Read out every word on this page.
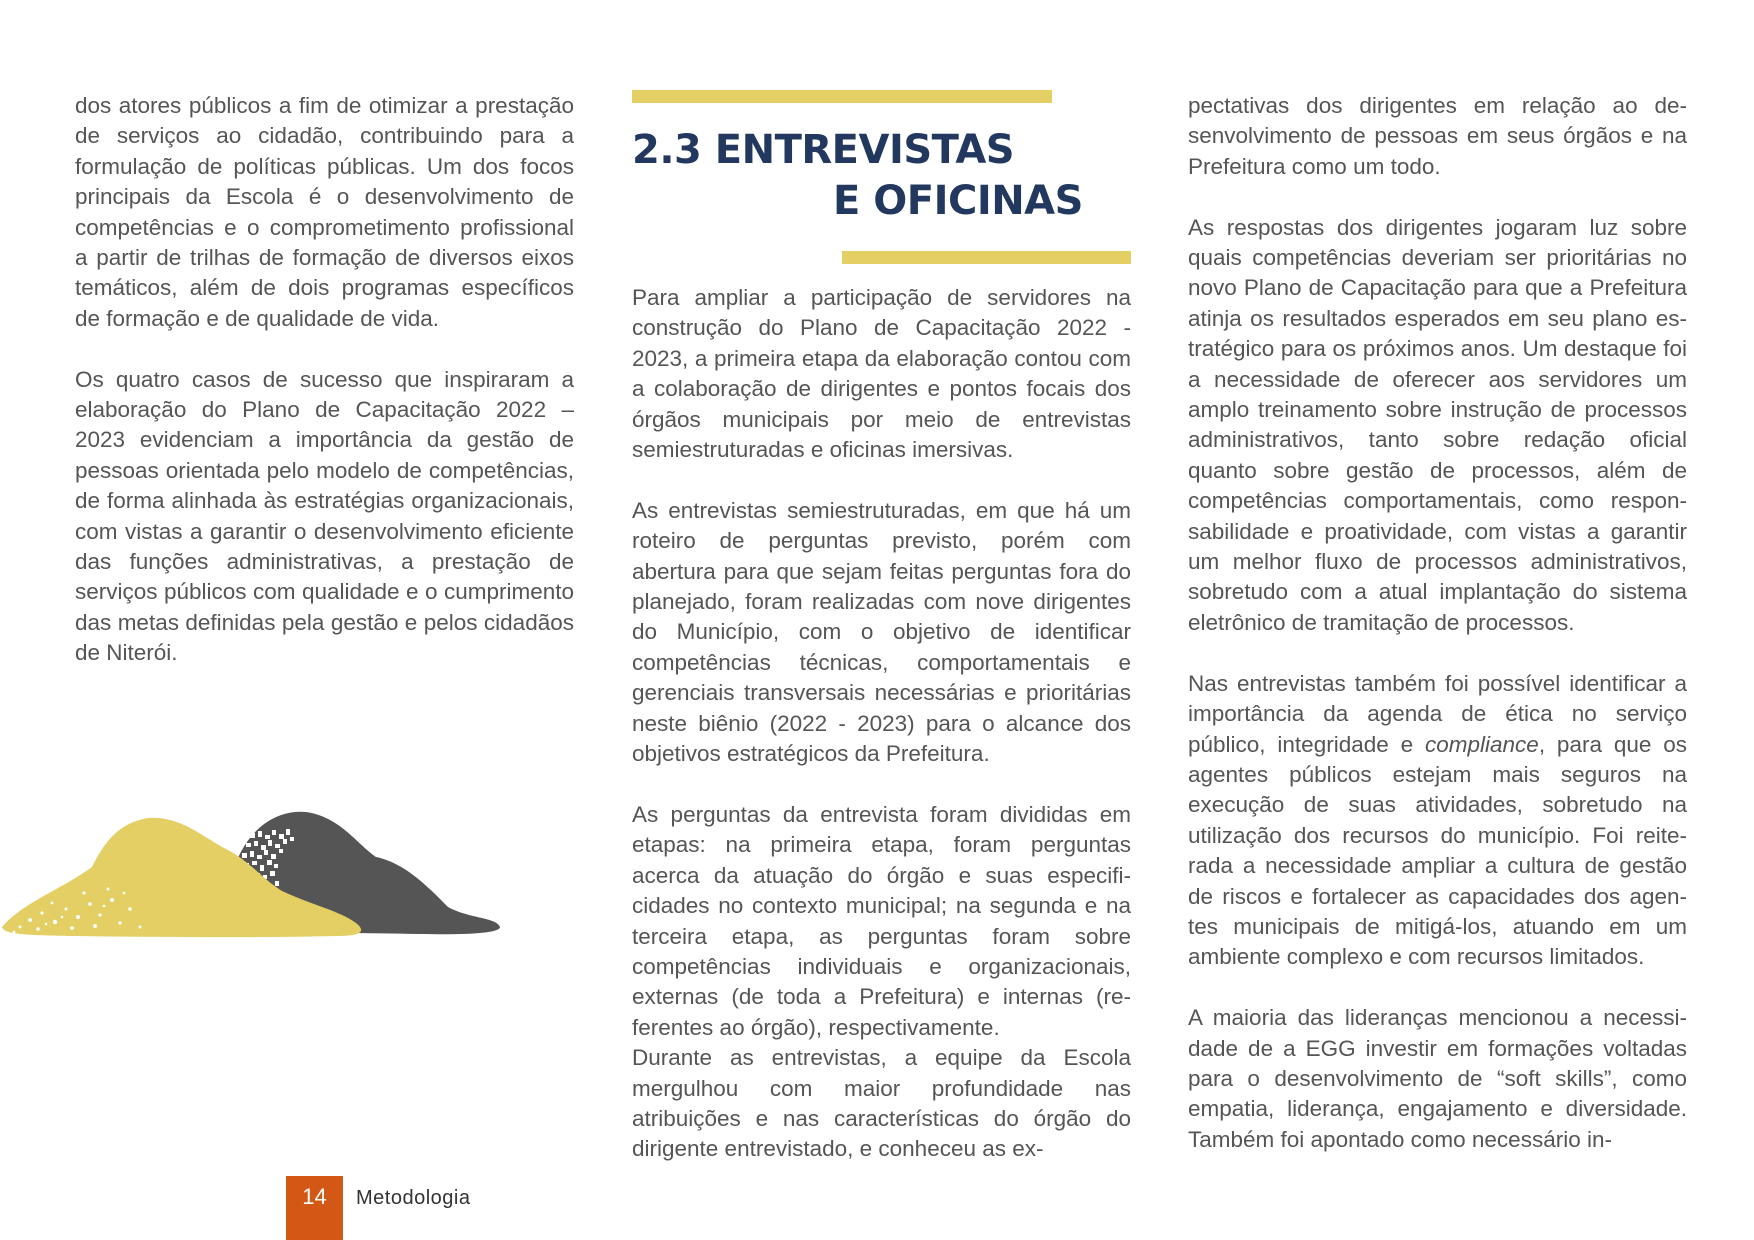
dos atores públicos a fim de otimizar a prestação de serviços ao cidadão, contribuindo para a formulação de políticas públicas. Um dos focos principais da Escola é o desenvolvimento de competências e o comprometimento profissional a partir de trilhas de formação de diversos eixos temáticos, além de dois programas específicos de formação e de qualidade de vida.

Os quatro casos de sucesso que inspiraram a elaboração do Plano de Capacitação 2022 – 2023 evidenciam a importância da gestão de pessoas orientada pelo modelo de competências, de forma alinhada às estratégias organizacionais, com vistas a garantir o desenvolvimento eficiente das funções administrativas, a prestação de serviços públicos com qualidade e o cumprimento das metas definidas pela gestão e pelos cidadãos de Niterói.

2.3 ENTREVISTAS
E OFICINAS

Para ampliar a participação de servidores na construção do Plano de Capacitação 2022 - 2023, a primeira etapa da elaboração contou com a colaboração de dirigentes e pontos focais dos órgãos municipais por meio de entrevistas semiestruturadas e oficinas imersivas.

As entrevistas semiestruturadas, em que há um roteiro de perguntas previsto, porém com abertura para que sejam feitas perguntas fora do planejado, foram realizadas com nove dirigentes do Município, com o objetivo de identificar competências técnicas, comportamentais e gerenciais transversais necessárias e prioritárias neste biênio (2022 - 2023) para o alcance dos objetivos estratégicos da Prefeitura.

As perguntas da entrevista foram divididas em etapas: na primeira etapa, foram perguntas acerca da atuação do órgão e suas especificidades no contexto municipal; na segunda e na terceira etapa, as perguntas foram sobre competências individuais e organizacionais, externas (de toda a Prefeitura) e internas (referentes ao órgão), respectivamente.

Durante as entrevistas, a equipe da Escola mergulhou com maior profundidade nas atribuições e nas características do órgão do dirigente entrevistado, e conheceu as ex-

pectativas dos dirigentes em relação ao desenvolvimento de pessoas em seus órgãos e na Prefeitura como um todo.

As respostas dos dirigentes jogaram luz sobre quais competências deveriam ser prioritárias no novo Plano de Capacitação para que a Prefeitura atinja os resultados esperados em seu plano estratégico para os próximos anos. Um destaque foi a necessidade de oferecer aos servidores um amplo treinamento sobre instrução de processos administrativos, tanto sobre redação oficial quanto sobre gestão de processos, além de competências comportamentais, como responsabilidade e proatividade, com vistas a garantir um melhor fluxo de processos administrativos, sobretudo com a atual implantação do sistema eletrônico de tramitação de processos.

Nas entrevistas também foi possível identificar a importância da agenda de ética no serviço público, integridade e compliance, para que os agentes públicos estejam mais seguros na execução de suas atividades, sobretudo na utilização dos recursos do município. Foi reiterada a necessidade ampliar a cultura de gestão de riscos e fortalecer as capacidades dos agentes municipais de mitigá-los, atuando em um ambiente complexo e com recursos limitados.

A maioria das lideranças mencionou a necessidade de a EGG investir em formações voltadas para o desenvolvimento de “soft skills”, como empatia, liderança, engajamento e diversidade. Também foi apontado como necessário in-

14	Metodologia
